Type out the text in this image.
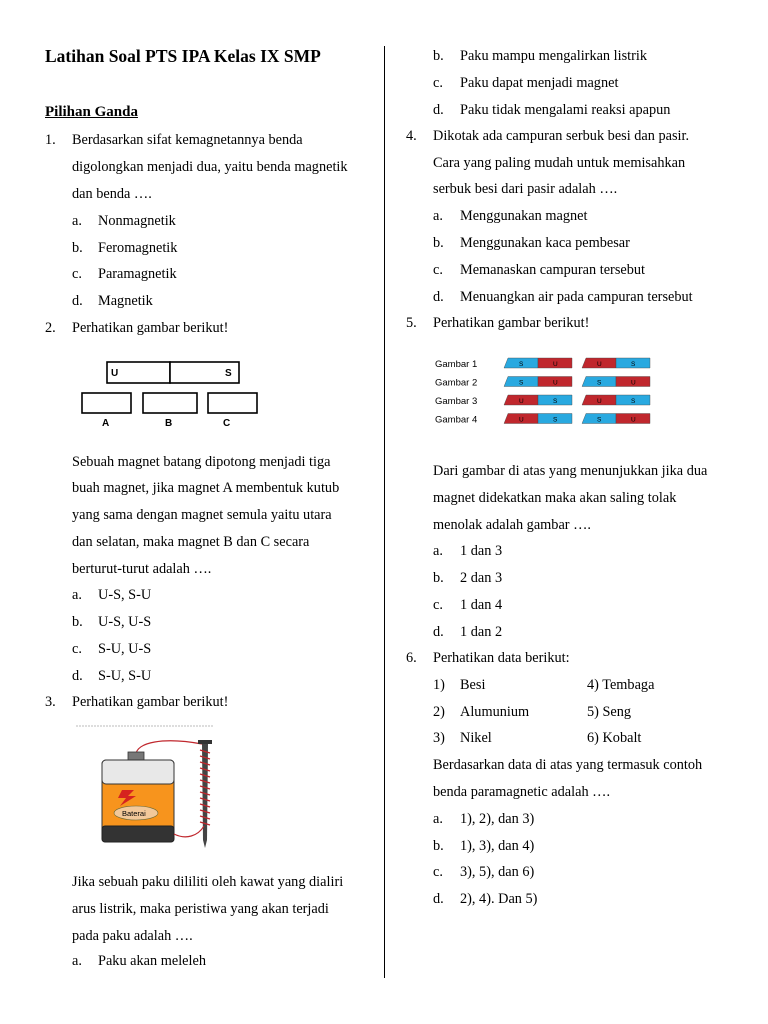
Latihan Soal PTS IPA Kelas IX SMP
Pilihan Ganda
1. Berdasarkan sifat kemagnetannya benda
digolongkan menjadi dua, yaitu benda magnetik
dan benda ….
a. Nonmagnetik
b. Feromagnetik
c. Paramagnetik
d. Magnetik
2. Perhatikan gambar berikut!
U	S
A	B	C
Sebuah magnet batang dipotong menjadi tiga
buah magnet, jika magnet A membentuk kutub
yang sama dengan magnet semula yaitu utara
dan selatan, maka magnet B dan C secara
berturut-turut adalah ….
a. U-S, S-U
b. U-S, U-S
c. S-U, U-S
d. S-U, S-U
3. Perhatikan gambar berikut!
Baterai
Jika sebuah paku dililiti oleh kawat yang dialiri
arus listrik, maka peristiwa yang akan terjadi
pada paku adalah ….
a. Paku akan meleleh
b. Paku mampu mengalirkan listrik
c. Paku dapat menjadi magnet
d. Paku tidak mengalami reaksi apapun
4. Dikotak ada campuran serbuk besi dan pasir.
Cara yang paling mudah untuk memisahkan
serbuk besi dari pasir adalah ….
a. Menggunakan magnet
b. Menggunakan kaca pembesar
c. Memanaskan campuran tersebut
d. Menuangkan air pada campuran tersebut
5. Perhatikan gambar berikut!
Gambar 1	S	U	U	S
Gambar 2	S	U	S	U
Gambar 3	U	S	U	S
Gambar 4	U	S	S	U
Dari gambar di atas yang menunjukkan jika dua
magnet didekatkan maka akan saling tolak
menolak adalah gambar ….
a. 1 dan 3
b. 2 dan 3
c. 1 dan 4
d. 1 dan 2
6. Perhatikan data berikut:
1) Besi	4) Tembaga
2) Alumunium	5) Seng
3) Nikel	6) Kobalt
Berdasarkan data di atas yang termasuk contoh
benda paramagnetic adalah ….
a. 1), 2), dan 3)
b. 1), 3), dan 4)
c. 3), 5), dan 6)
d. 2), 4). Dan 5)
